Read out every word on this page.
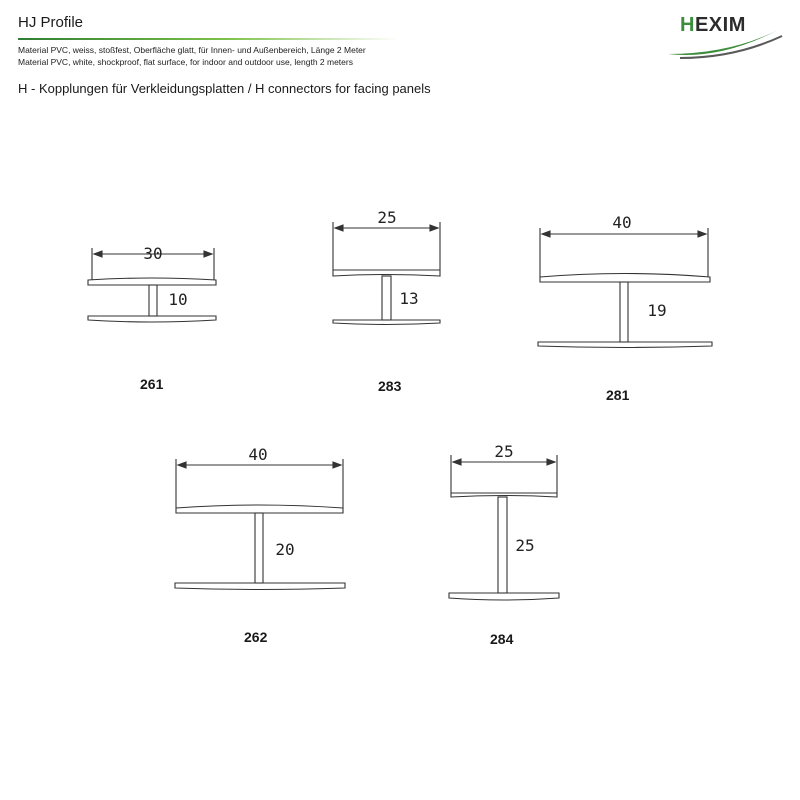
HJ Profile
Material PVC, weiss, stoßfest, Oberfläche glatt, für Innen- und Außenbereich, Länge 2 Meter
Material PVC, white, shockproof, flat surface, for indoor and outdoor use, length 2 meters
H - Kopplungen für Verkleidungsplatten / H connectors for facing panels
HEXIM
30
10
25
13
40
19
40
20
25
25
261	283
281
262	284
